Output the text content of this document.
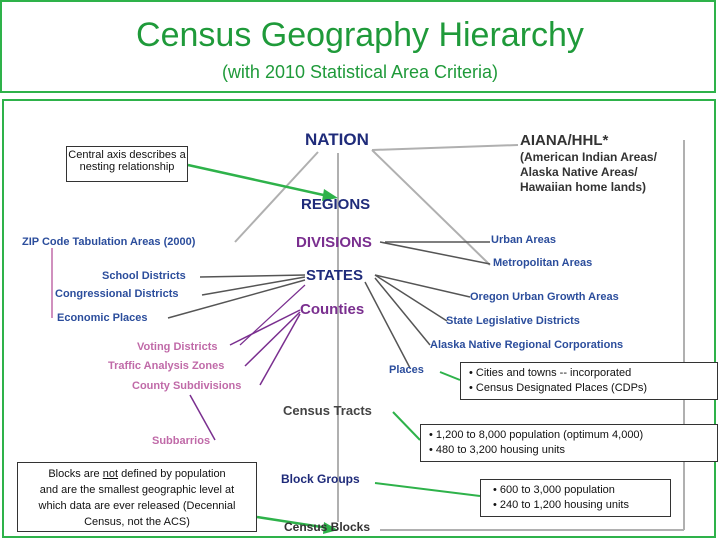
Census Geography Hierarchy
(with 2010 Statistical Area Criteria)
NATION
REGIONS
DIVISIONS
STATES
Counties
Census Tracts
Block Groups
Census Blocks
AIANA/HHL*
(American Indian Areas/
Alaska Native Areas/
Hawaiian home lands)
Urban Areas
Metropolitan Areas
Oregon Urban Growth Areas
State Legislative Districts
Alaska Native Regional Corporations
Places
ZIP Code Tabulation Areas (2000)
School Districts
Congressional Districts
Economic Places
Voting Districts
Traffic Analysis Zones
County Subdivisions
Subbarrios
Central axis describes a
nesting relationship
• Cities and towns -- incorporated
• Census Designated Places (CDPs)
• 1,200 to 8,000 population (optimum 4,000)
• 480 to 3,200 housing units
• 600 to 3,000 population
• 240 to 1,200 housing units
Blocks are not defined by population
and are the smallest geographic level at
which data are ever released (Decennial
Census, not the ACS)
